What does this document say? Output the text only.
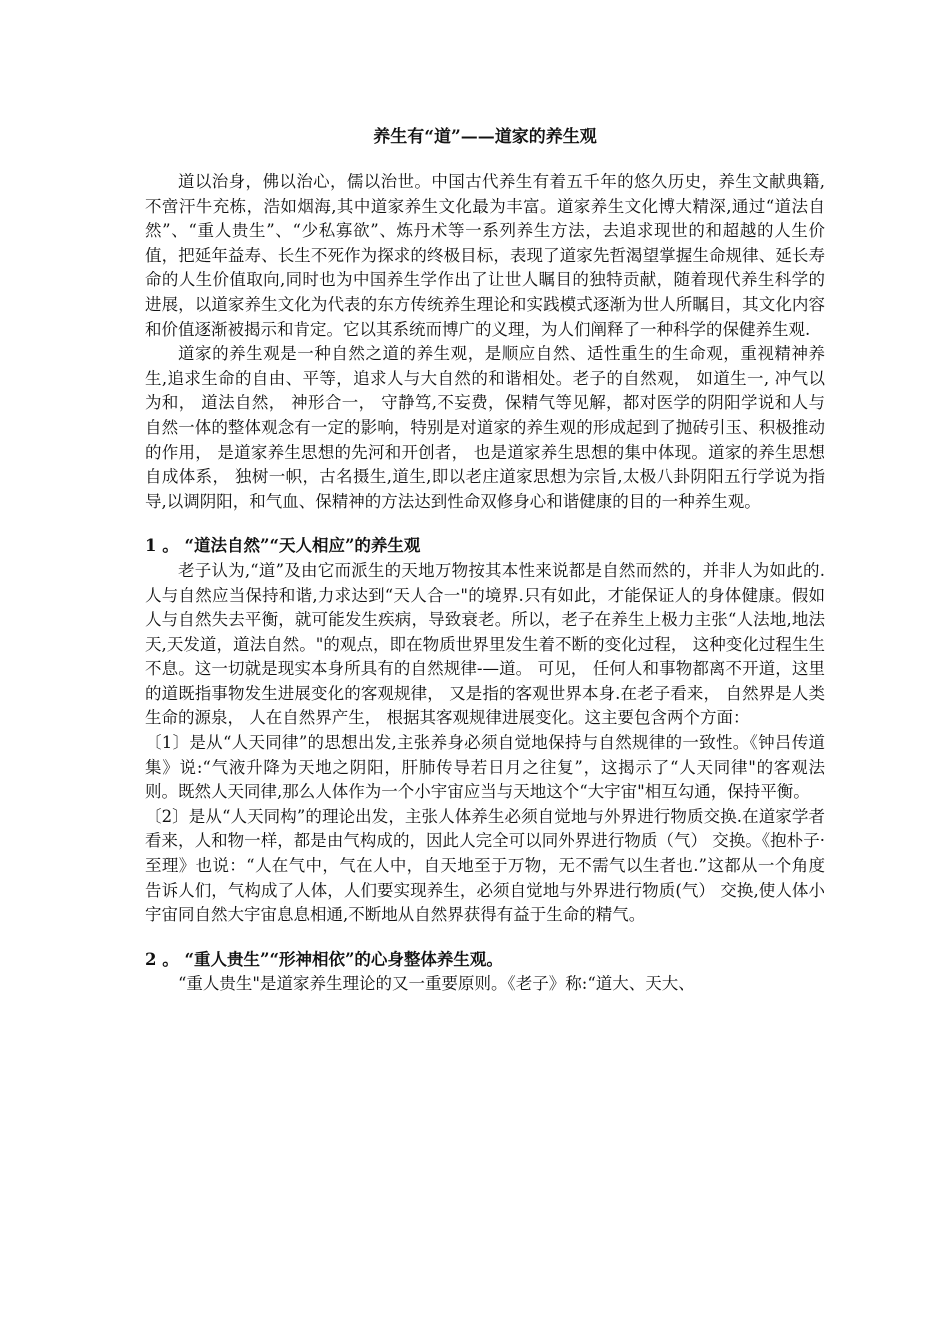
养生有“道”——道家的养生观

道以治身，佛以治心，儒以治世。中国古代养生有着五千年的悠久历史，养生文献典籍,不啻汗牛充栋，浩如烟海,其中道家养生文化最为丰富。道家养生文化博大精深,通过“道法自然”、“重人贵生”、“少私寡欲”、炼丹术等一系列养生方法，去追求现世的和超越的人生价值，把延年益寿、长生不死作为探求的终极目标，表现了道家先哲渴望掌握生命规律、延长寿命的人生价值取向,同时也为中国养生学作出了让世人瞩目的独特贡献，随着现代养生科学的进展，以道家养生文化为代表的东方传统养生理论和实践模式逐渐为世人所瞩目，其文化内容和价值逐渐被揭示和肯定。它以其系统而博广的义理，为人们阐释了一种科学的保健养生观.

道家的养生观是一种自然之道的养生观，是顺应自然、适性重生的生命观，重视精神养生,追求生命的自由、平等，追求人与大自然的和谐相处。老子的自然观， 如道生一, 冲气以为和， 道法自然， 神形合一， 守静笃,不妄费，保精气等见解，都对医学的阴阳学说和人与自然一体的整体观念有一定的影响，特别是对道家的养生观的形成起到了抛砖引玉、积极推动的作用， 是道家养生思想的先河和开创者， 也是道家养生思想的集中体现。道家的养生思想自成体系， 独树一帜，古名摄生,道生,即以老庄道家思想为宗旨,太极八卦阴阳五行学说为指导,以调阴阳，和气血、保精神的方法达到性命双修身心和谐健康的目的一种养生观。

1 。 “道法自然”“天人相应”的养生观

老子认为,“道”及由它而派生的天地万物按其本性来说都是自然而然的，并非人为如此的.人与自然应当保持和谐,力求达到“天人合一"的境界.只有如此，才能保证人的身体健康。假如人与自然失去平衡，就可能发生疾病，导致衰老。所以，老子在养生上极力主张“人法地,地法天,天发道，道法自然。"的观点，即在物质世界里发生着不断的变化过程， 这种变化过程生生不息。这一切就是现实本身所具有的自然规律-—道。 可见， 任何人和事物都离不开道，这里的道既指事物发生进展变化的客观规律， 又是指的客观世界本身.在老子看来， 自然界是人类生命的源泉， 人在自然界产生， 根据其客观规律进展变化。这主要包含两个方面：

〔1〕是从“人天同律”的思想出发,主张养身必须自觉地保持与自然规律的一致性。《钟吕传道集》说:“气液升降为天地之阴阳，肝肺传导若日月之往复”，这揭示了“人天同律"的客观法则。既然人天同律,那么人体作为一个小宇宙应当与天地这个“大宇宙"相互勾通，保持平衡。

〔2〕是从“人天同构”的理论出发，主张人体养生必须自觉地与外界进行物质交换.在道家学者看来，人和物一样，都是由气构成的，因此人完全可以同外界进行物质（气） 交换。《抱朴子·至理》也说：“人在气中，气在人中，自天地至于万物，无不需气以生者也.”这都从一个角度告诉人们，气构成了人体，人们要实现养生，必须自觉地与外界进行物质(气） 交换,使人体小宇宙同自然大宇宙息息相通,不断地从自然界获得有益于生命的精气。

2 。 “重人贵生”“形神相依”的心身整体养生观。

“重人贵生"是道家养生理论的又一重要原则。《老子》称:“道大、天大、
